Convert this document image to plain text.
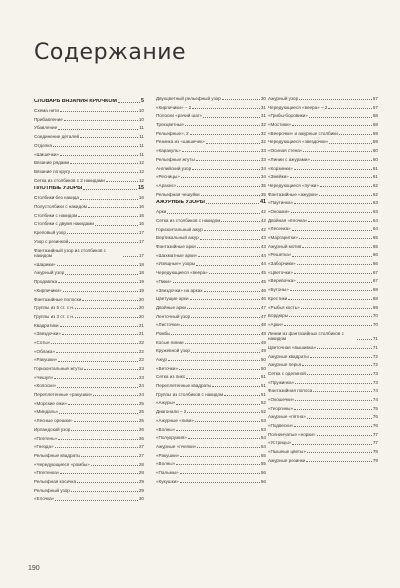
Содержание
СЛОВАРЬ ВЯЗАНИЯ КРЮЧКОМ	5
Схема нити	10
Прибавление	10
Убавление	11
Соединение деталей	11
Отделка	11
«Шишечки»	11
Вязание рядами	12
Вязание по кругу	12
Сетка из столбиков с 2 накидами	12
ПЛОТНЫЕ УЗОРЫ	15
Столбики без накида	16
Полустолбики с накидом	16
Столбики с накидом	16
Столбики с двумя накидами	16
Креповый узор	17
Узор с резинкой	17
Фантазийный узор из столбиков с накидом	17
«Шарики»	18
Ажурный узор	18
Продавлка	19
«Кирпичики»	19
Фантазийные полоски	20
Группы из 5 ст. с н.	20
Группы из 3 ст. с н.	20
Квадратики	21
«Звездочки»	21
«Соты»	22
«Облака»	22
«Ракушки»	22
Горизонтальные жгуты	23
«Чешуя»	23
«Колоски»	24
Переплетенные «ракушки»	24
«Морские ежи»	25
«Миндаль»	25
«Лесные орешки»	25
Ирландский узор	26
«Плетень»	26
«Гнезда»	27
Рельефные квадраты	27
«Чередующиеся «ромбы»	28
«Плетенка»	28
Рельефная косичка	29
Рельефный узор	29
«Елочка»	30
Двухцветный рельефный узор	30
«Кирпичики» – 2	31
Полоски «рачий шаг»	31
Трехцветные	32
Рельефные», 2	32
Резинка из «шишечек»	32
«Каракуль»	33
Рельефные жгуты	33
Английский узор	34
«Ресницы»	34
«Арахис»	35
Рельефная чешуйки	35
АЖУРНЫЕ УЗОРЫ	41
Арки	42
Сетка из столбиков с накидом	42
Горизонтальный ажур	42
Вертикальный ажур	43
Фантазийные арки	43
«Шахматные арки»	44
«Изящные» узоры	44
Чередующиеся «веера»	45
«Пики»	45
«Звездочки» на арках	46
Цветущие арки	46
Двойные арки	47
Ленточный узор	47
«Листочки»	48
Ромбы	48
Косые линии	49
Кружевной узор	49
Ажур	50
«Веточки»	50
Сетка из пико	51
Переплетенные квадраты	51
Группы из столбиков с накидом	51
«Ажуры»	52
Диагонали – 2	52
«Ажурные «пики»	53
«Волны»	53
«Полукружия»	54
Ажурные «пчелки»	54
«Ракушки»	55
«Волны»	55
«Пальмы»	56
«Кукушки»	56
Ажурный узор	57
Чередующиеся «веера» – 2	57
«Грибы-боровики»	58
«Мостики»	58
«Веерочки» и ажурные столбики	59
Чередующиеся «звездочки»	59
«Осиная стена»	60
«Линии с ажурами»	60
«Корзинки»	61
«Змейки»	61
Чередующиеся «пучки»	62
Фантазийные «ажурки»	62
«Паутинка»	63
«Окошки»	63
Двойная «ёлочка»	64
«Лесенка»	64
«Маргаритки»	65
Ажурный мотив	65
«Решетка»	66
«Заборчики»	66
«Цветочки»	67
«Веревочка»	67
«Бутоны»	68
Крестики	68
«Рыбья кость»	69
Бордюры	70
«Арки»	70
Линии из фантазийных столбиков с накидом	71
Цветочная «вышивка»	71
Ажурные квадраты	72
Ажурные перья	72
Сетка с оделиной	73
«Пружинка»	73
Фантазийная полоса	74
«Окошечки»	74
«Георгины»	75
Ажурные «пятна»	76
«Подвески»	76
Полнинчатые «норки»	77
«Устрицы»	77
«Пышные цветы»	78
Ажурные резинки	79
190
